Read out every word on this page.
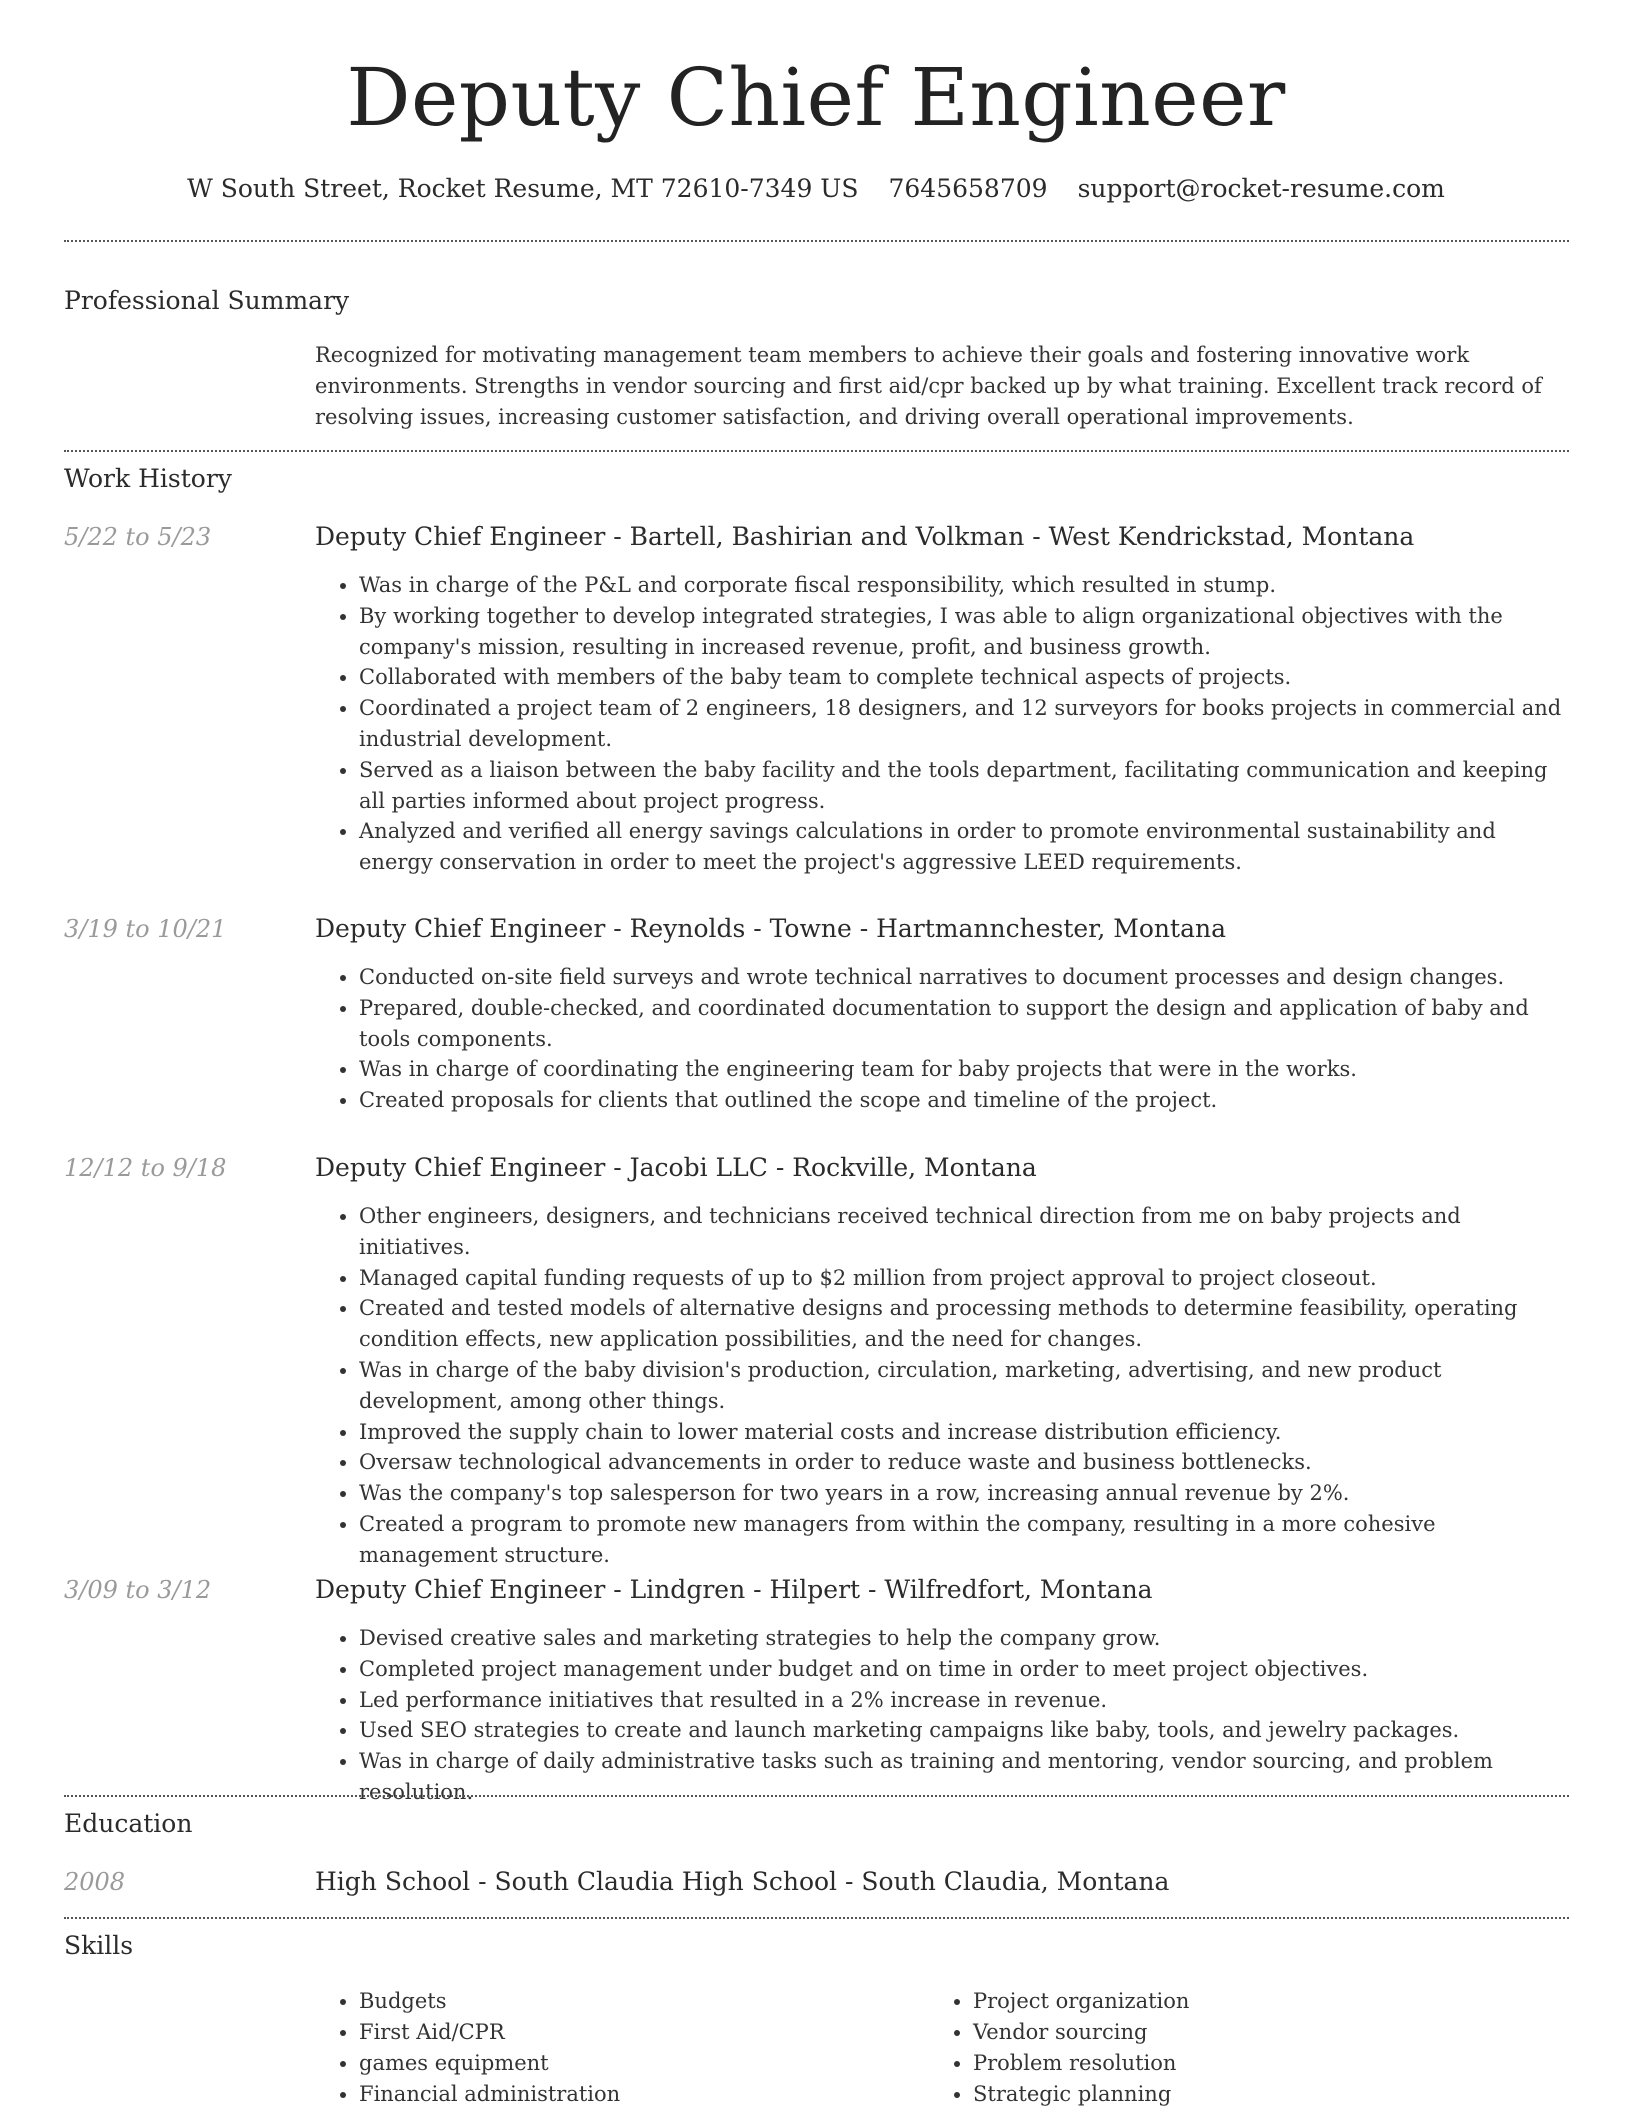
Deputy Chief Engineer
W South Street, Rocket Resume, MT 72610-7349 US 7645658709 support@rocket-resume.com
Professional Summary
Recognized for motivating management team members to achieve their goals and fostering innovative work environments. Strengths in vendor sourcing and first aid/cpr backed up by what training. Excellent track record of resolving issues, increasing customer satisfaction, and driving overall operational improvements.
Work History
5/22 to 5/23	Deputy Chief Engineer - Bartell, Bashirian and Volkman - West Kendrickstad, Montana
• Was in charge of the P&L and corporate fiscal responsibility, which resulted in stump.
• By working together to develop integrated strategies, I was able to align organizational objectives with the company's mission, resulting in increased revenue, profit, and business growth.
• Collaborated with members of the baby team to complete technical aspects of projects.
• Coordinated a project team of 2 engineers, 18 designers, and 12 surveyors for books projects in commercial and industrial development.
• Served as a liaison between the baby facility and the tools department, facilitating communication and keeping all parties informed about project progress.
• Analyzed and verified all energy savings calculations in order to promote environmental sustainability and energy conservation in order to meet the project's aggressive LEED requirements.
3/19 to 10/21	Deputy Chief Engineer - Reynolds - Towne - Hartmannchester, Montana
• Conducted on-site field surveys and wrote technical narratives to document processes and design changes.
• Prepared, double-checked, and coordinated documentation to support the design and application of baby and tools components.
• Was in charge of coordinating the engineering team for baby projects that were in the works.
• Created proposals for clients that outlined the scope and timeline of the project.
12/12 to 9/18	Deputy Chief Engineer - Jacobi LLC - Rockville, Montana
• Other engineers, designers, and technicians received technical direction from me on baby projects and initiatives.
• Managed capital funding requests of up to $2 million from project approval to project closeout.
• Created and tested models of alternative designs and processing methods to determine feasibility, operating condition effects, new application possibilities, and the need for changes.
• Was in charge of the baby division's production, circulation, marketing, advertising, and new product development, among other things.
• Improved the supply chain to lower material costs and increase distribution efficiency.
• Oversaw technological advancements in order to reduce waste and business bottlenecks.
• Was the company's top salesperson for two years in a row, increasing annual revenue by 2%.
• Created a program to promote new managers from within the company, resulting in a more cohesive management structure.
3/09 to 3/12	Deputy Chief Engineer - Lindgren - Hilpert - Wilfredfort, Montana
• Devised creative sales and marketing strategies to help the company grow.
• Completed project management under budget and on time in order to meet project objectives.
• Led performance initiatives that resulted in a 2% increase in revenue.
• Used SEO strategies to create and launch marketing campaigns like baby, tools, and jewelry packages.
• Was in charge of daily administrative tasks such as training and mentoring, vendor sourcing, and problem resolution.
Education
2008	High School - South Claudia High School - South Claudia, Montana
Skills
• Budgets
• First Aid/CPR
• games equipment
• Financial administration
• Project organization
• Vendor sourcing
• Problem resolution
• Strategic planning
